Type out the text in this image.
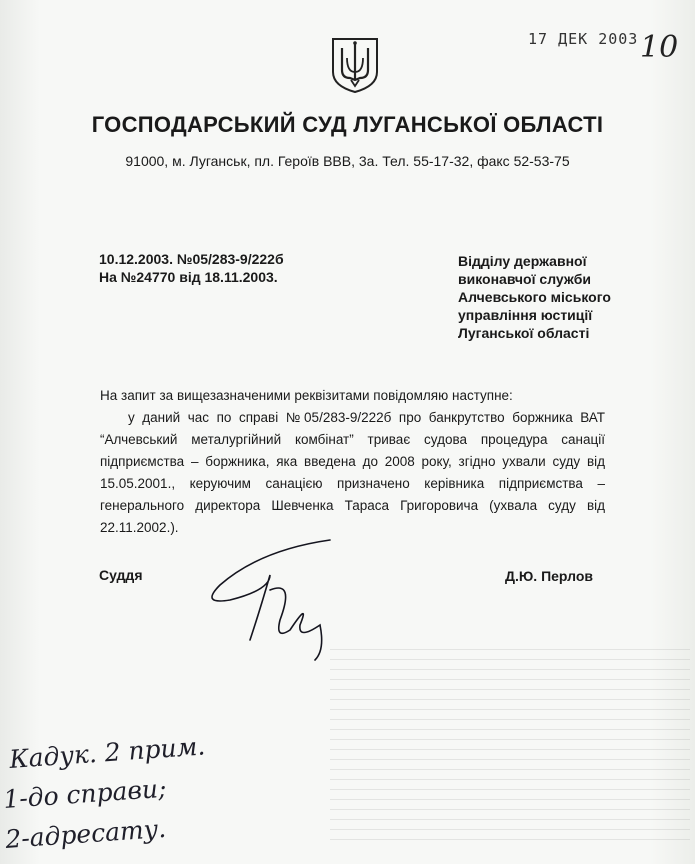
17 ДЕК 2003 10
ГОСПОДАРСЬКИЙ СУД ЛУГАНСЬКОЇ ОБЛАСТІ
91000, м. Луганськ, пл. Героїв ВВВ, 3а. Тел. 55-17-32, факс 52-53-75
10.12.2003. №05/283-9/222б
На №24770 від 18.11.2003.
Відділу державної
виконавчої служби
Алчевського міського
управління юстиції
Луганської області

На запит за вищезазначеними реквізитами повідомляю наступне:

у даний час по справі №05/283-9/222б про банкрутство боржника ВАТ “Алчевський металургійний комбінат” триває судова процедура санації підприємства – боржника, яка введена до 2008 року, згідно ухвали суду від 15.05.2001., керуючим санацією призначено керівника підприємства – генерального директора Шевченка Тараса Григоровича (ухвала суду від 22.11.2002.).

Суддя	Д.Ю. Перлов
Кадук. 2 прим.
1-до справи;
2-адресату.
